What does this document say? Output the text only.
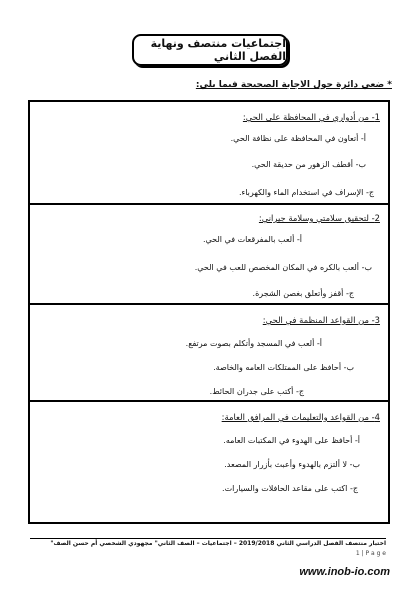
اجتماعيات منتصف ونهاية الفصل الثاني
* ضعي دائرة حول الاجابة الصحيحة فيما يلي:
1- من أدواري في المحافظة على الحي:
أ- أتعاون في المحافظة على نظافة الحي.
ب- أقطف الزهور من حديقة الحي.
ج- الإسراف في استخدام الماء والكهرباء.
2- لتحقيق سلامتي وسلامة جيراني:
أ- ألعب بالمفرقعات في الحي.
ب- ألعب بالكره في المكان المخصص للعب في الحي.
ج- أقفز وأتعلق بغصن الشجرة.
3- من القواعد المنظمة في الحي:
أ- ألعب في المسجد وأتكلم بصوت مرتفع.
ب- أحافظ على الممتلكات العامه والخاصة.
ج- أكتب على جدران الحائط.
4- من القواعد والتعليمات في المرافق العامة:
أ- أحافظ على الهدوء في المكتبات العامه.
ب- لا ألتزم بالهدوء وأعبث بأزرار المصعد.
ج- اكتب على مقاعد الحافلات والسيارات.
اختبار منتصف الفصل الدراسي الثاني 2019/2018 – اجتماعيات – الصف الثاني" مجهودي الشخصي أم حسن الصف"
1 | P a g e
www.inob-io.com
